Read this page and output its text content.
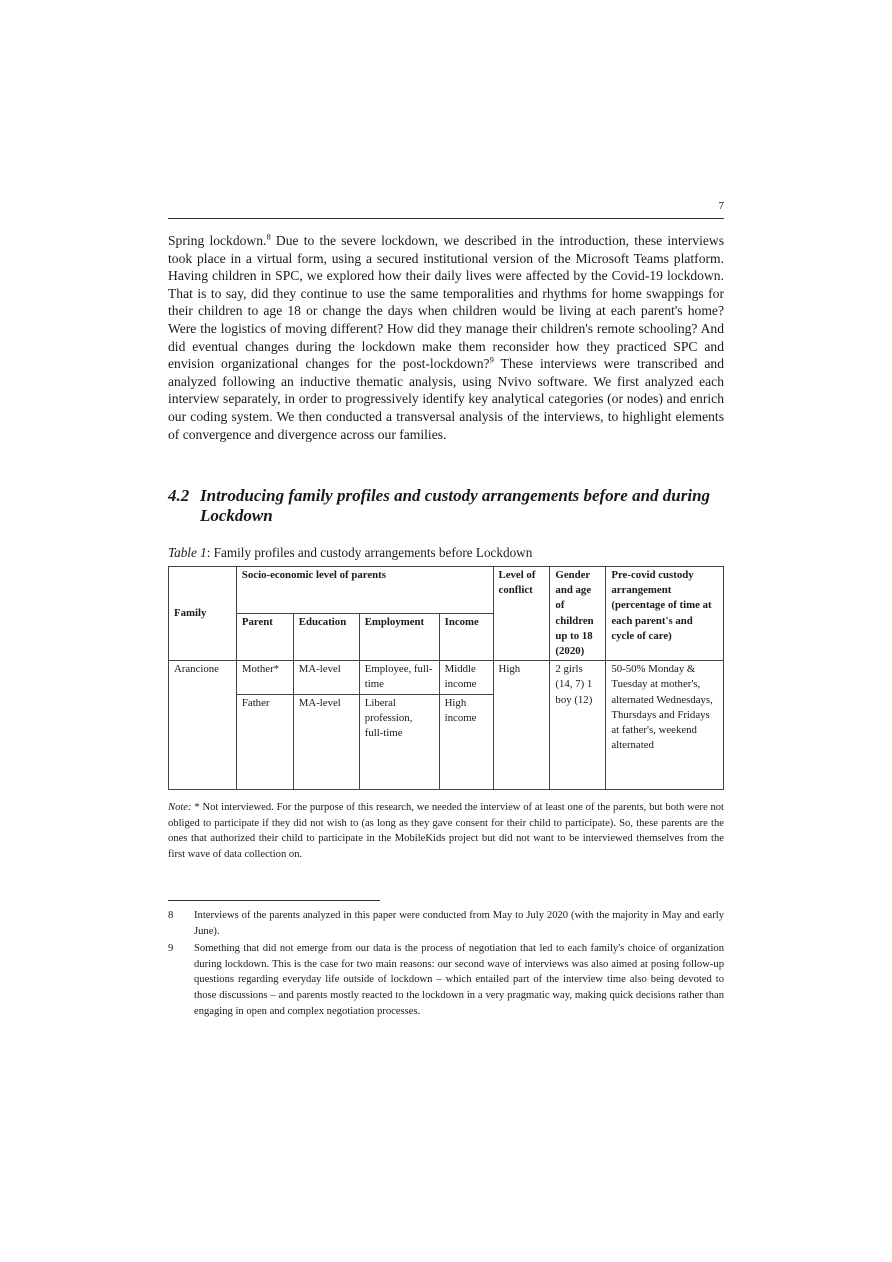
7

Spring lockdown.$^8$ Due to the severe lockdown, we described in the introduction, these interviews took place in a virtual form, using a secured institutional version of the Microsoft Teams platform. Having children in SPC, we explored how their daily lives were affected by the Covid-19 lockdown. That is to say, did they continue to use the same temporalities and rhythms for home swappings for their children to age 18 or change the days when children would be living at each parent's home? Were the logistics of moving different? How did they manage their children's remote schooling? And did eventual changes during the lockdown make them reconsider how they practiced SPC and envision organizational changes for the post-lockdown?$^9$ These interviews were transcribed and analyzed following an inductive thematic analysis, using Nvivo software. We first analyzed each interview separately, in order to progressively identify key analytical categories (or nodes) and enrich our coding system. We then conducted a transversal analysis of the interviews, to highlight elements of convergence and divergence across our families.

4.2 Introducing family profiles and custody arrangements before and during
Lockdown

Table 1: Family profiles and custody arrangements before Lockdown

Family	Socio-economic level of parents				Level of conflict	Gender and age of children up to 18 (2020)	Pre-covid custody arrangement (percentage of time at each parent's and cycle of care)
	Parent	Education	Employment	Income			
Arancione	Mother*	MA-level	Employee, full-time	Middle income	High	2 girls (14, 7) 1 boy (12)	50-50% Monday & Tuesday at mother's, alternated Wednesdays, Thursdays and Fridays at father's, weekend alternated
	Father	MA-level	Liberal profession, full-time	High income			

Note: * Not interviewed. For the purpose of this research, we needed the interview of at least one of the parents, but both were not obliged to participate if they did not wish to (as long as they gave consent for their child to participate). So, these parents are the ones that authorized their child to participate in the MobileKids project but did not want to be interviewed themselves from the first wave of data collection on.

8	Interviews of the parents analyzed in this paper were conducted from May to July 2020 (with the majority in May and early June).
9	Something that did not emerge from our data is the process of negotiation that led to each family's choice of organization during lockdown. This is the case for two main reasons: our second wave of interviews was also aimed at posing follow-up questions regarding everyday life outside of lockdown – which entailed part of the interview time also being devoted to those discussions – and parents mostly reacted to the lockdown in a very pragmatic way, making quick decisions rather than engaging in open and complex negotiation processes.
